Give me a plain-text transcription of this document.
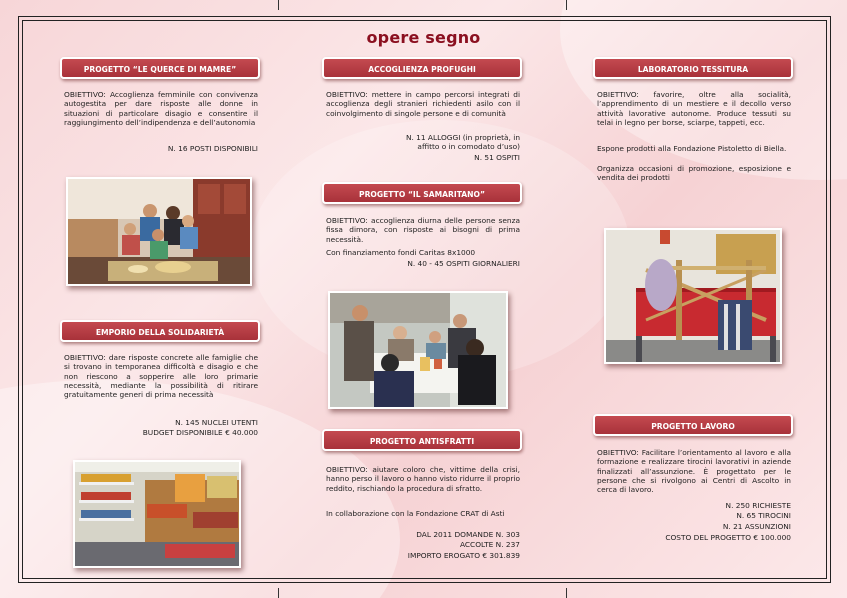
opere segno
PROGETTO “LE QUERCE DI MAMRE”
OBIETTIVO: Accoglienza femminile con convivenza autogestita per dare risposte alle donne in situazioni di particolare disagio e consentire il raggiungimento dell’indipendenza e dell’autonomia
N. 16 POSTI DISPONIBILI
EMPORIO DELLA SOLIDARIETÀ
OBIETTIVO: dare risposte concrete alle famiglie che si trovano in temporanea difficoltà e disagio e che non riescono a sopperire alle loro primarie necessità, mediante la possibilità di ritirare gratuitamente generi di prima necessità
N. 145 NUCLEI UTENTI
BUDGET DISPONIBILE € 40.000
ACCOGLIENZA PROFUGHI
OBIETTIVO: mettere in campo percorsi integrati di accoglienza degli stranieri richiedenti asilo con il coinvolgimento di singole persone e di comunità
N. 11 ALLOGGI (in proprietà, in
affitto o in comodato d’uso)
N. 51 OSPITI
PROGETTO “IL SAMARITANO”
OBIETTIVO: accoglienza diurna delle persone senza fissa dimora, con risposte ai bisogni di prima necessità.
Con finanziamento fondi Caritas 8x1000
N. 40 - 45 OSPITI GIORNALIERI
PROGETTO ANTISFRATTI
OBIETTIVO: aiutare coloro che, vittime della crisi, hanno perso il lavoro o hanno visto ridurre il proprio reddito, rischiando la procedura di sfratto.
In collaborazione con la Fondazione CRAT di Asti
DAL 2011 DOMANDE N. 303
ACCOLTE N. 237
IMPORTO EROGATO € 301.839
LABORATORIO TESSITURA
OBIETTIVO: favorire, oltre alla socialità, l’apprendimento di un mestiere e il decollo verso attività lavorative autonome. Produce tessuti su telai in legno per borse, sciarpe, tappeti, ecc.
Espone prodotti alla Fondazione Pistoletto di Biella.
Organizza occasioni di promozione, esposizione e vendita dei prodotti
PROGETTO LAVORO
OBIETTIVO: Facilitare l’orientamento al lavoro e alla formazione e realizzare tirocini lavorativi in aziende finalizzati all’assunzione. È progettato per le persone che si rivolgono ai Centri di Ascolto in cerca di lavoro.
N. 250 RICHIESTE
N. 65 TIROCINI
N. 21 ASSUNZIONI
COSTO DEL PROGETTO € 100.000
